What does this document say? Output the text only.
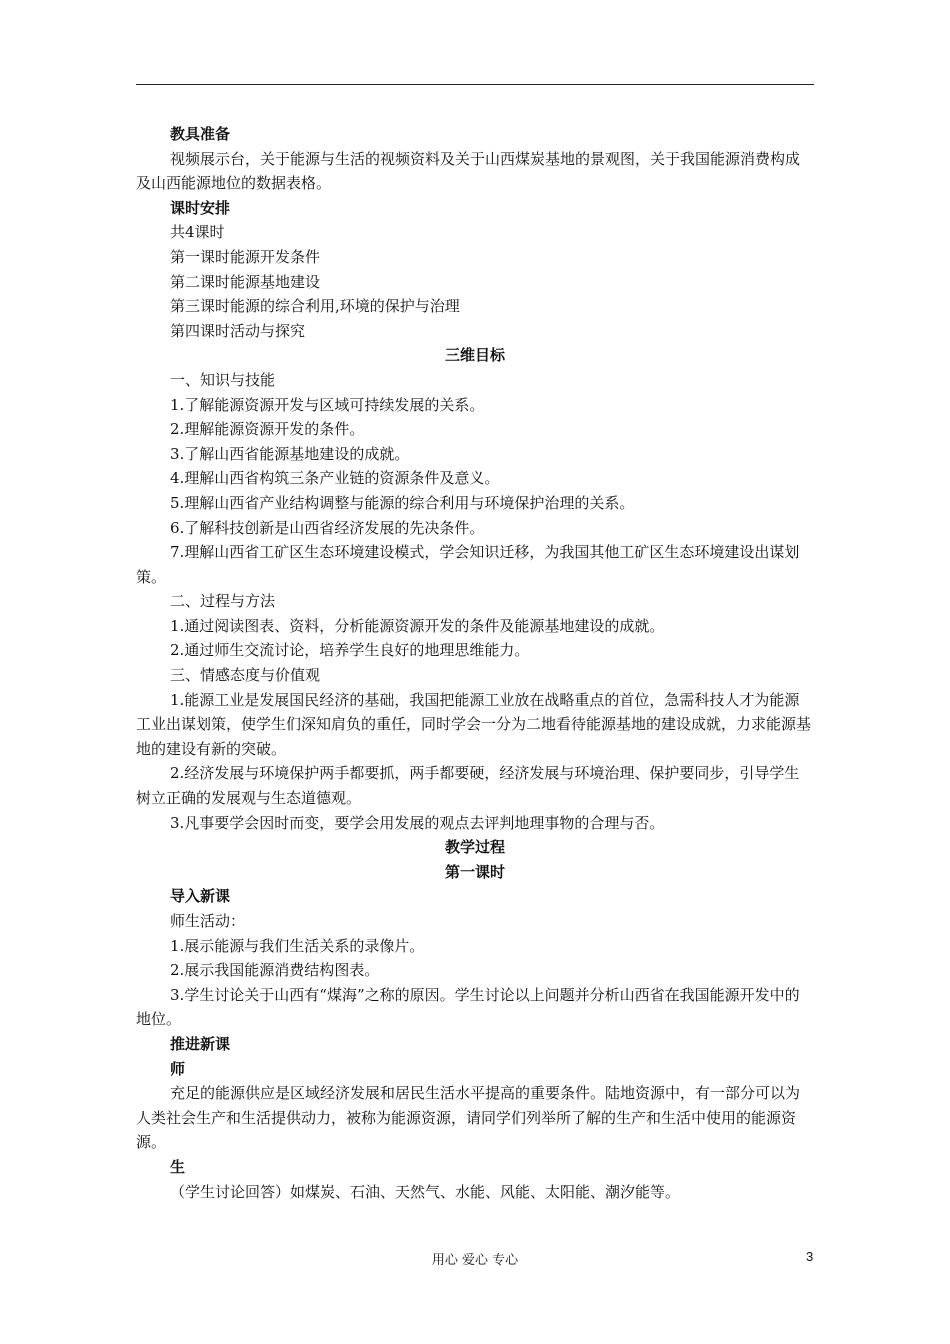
教具准备

视频展示台，关于能源与生活的视频资料及关于山西煤炭基地的景观图，关于我国能源消费构成及山西能源地位的数据表格。

课时安排

共4课时

第一课时能源开发条件

第二课时能源基地建设

第三课时能源的综合利用,环境的保护与治理

第四课时活动与探究

三维目标

一、知识与技能

1.了解能源资源开发与区域可持续发展的关系。

2.理解能源资源开发的条件。

3.了解山西省能源基地建设的成就。

4.理解山西省构筑三条产业链的资源条件及意义。

5.理解山西省产业结构调整与能源的综合利用与环境保护治理的关系。

6.了解科技创新是山西省经济发展的先决条件。

7.理解山西省工矿区生态环境建设模式，学会知识迁移，为我国其他工矿区生态环境建设出谋划策。

二、过程与方法

1.通过阅读图表、资料，分析能源资源开发的条件及能源基地建设的成就。

2.通过师生交流讨论，培养学生良好的地理思维能力。

三、情感态度与价值观

1.能源工业是发展国民经济的基础，我国把能源工业放在战略重点的首位，急需科技人才为能源工业出谋划策，使学生们深知肩负的重任，同时学会一分为二地看待能源基地的建设成就，力求能源基地的建设有新的突破。

2.经济发展与环境保护两手都要抓，两手都要硬，经济发展与环境治理、保护要同步，引导学生树立正确的发展观与生态道德观。

3.凡事要学会因时而变，要学会用发展的观点去评判地理事物的合理与否。

教学过程

第一课时

导入新课

师生活动：

1.展示能源与我们生活关系的录像片。

2.展示我国能源消费结构图表。

3.学生讨论关于山西有“煤海”之称的原因。学生讨论以上问题并分析山西省在我国能源开发中的地位。

推进新课

师

充足的能源供应是区域经济发展和居民生活水平提高的重要条件。陆地资源中，有一部分可以为人类社会生产和生活提供动力，被称为能源资源，请同学们列举所了解的生产和生活中使用的能源资源。

生

（学生讨论回答）如煤炭、石油、天然气、水能、风能、太阳能、潮汐能等。

用心 爱心 专心	3
